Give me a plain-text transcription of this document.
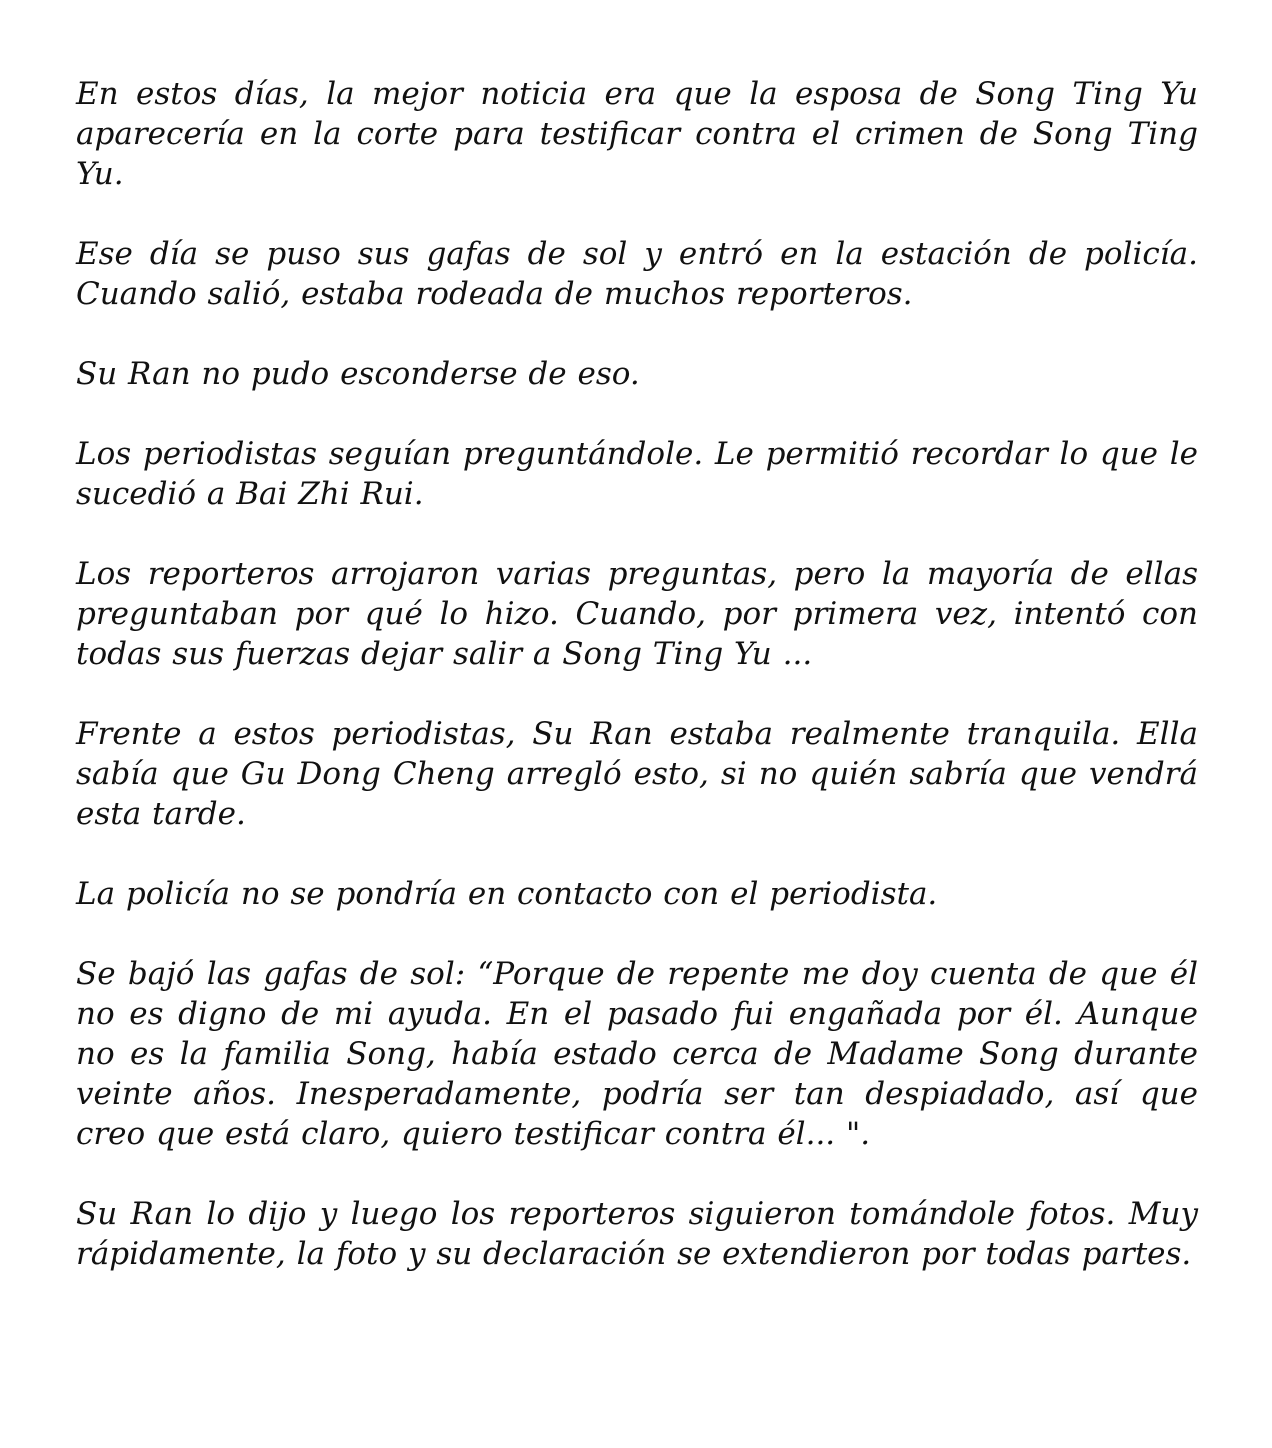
En estos días, la mejor noticia era que la esposa de Song Ting Yu aparecería en la corte para testificar contra el crimen de Song Ting Yu.

Ese día se puso sus gafas de sol y entró en la estación de policía. Cuando salió, estaba rodeada de muchos reporteros.

Su Ran no pudo esconderse de eso.

Los periodistas seguían preguntándole. Le permitió recordar lo que le sucedió a Bai Zhi Rui.

Los reporteros arrojaron varias preguntas, pero la mayoría de ellas preguntaban por qué lo hizo. Cuando, por primera vez, intentó con todas sus fuerzas dejar salir a Song Ting Yu ...

Frente a estos periodistas, Su Ran estaba realmente tranquila. Ella sabía que Gu Dong Cheng arregló esto, si no quién sabría que vendrá esta tarde.

La policía no se pondría en contacto con el periodista.

Se bajó las gafas de sol: “Porque de repente me doy cuenta de que él no es digno de mi ayuda. En el pasado fui engañada por él. Aunque no es la familia Song, había estado cerca de Madame Song durante veinte años. Inesperadamente, podría ser tan despiadado, así que creo que está claro, quiero testificar contra él... ".

Su Ran lo dijo y luego los reporteros siguieron tomándole fotos. Muy rápidamente, la foto y su declaración se extendieron por todas partes.
